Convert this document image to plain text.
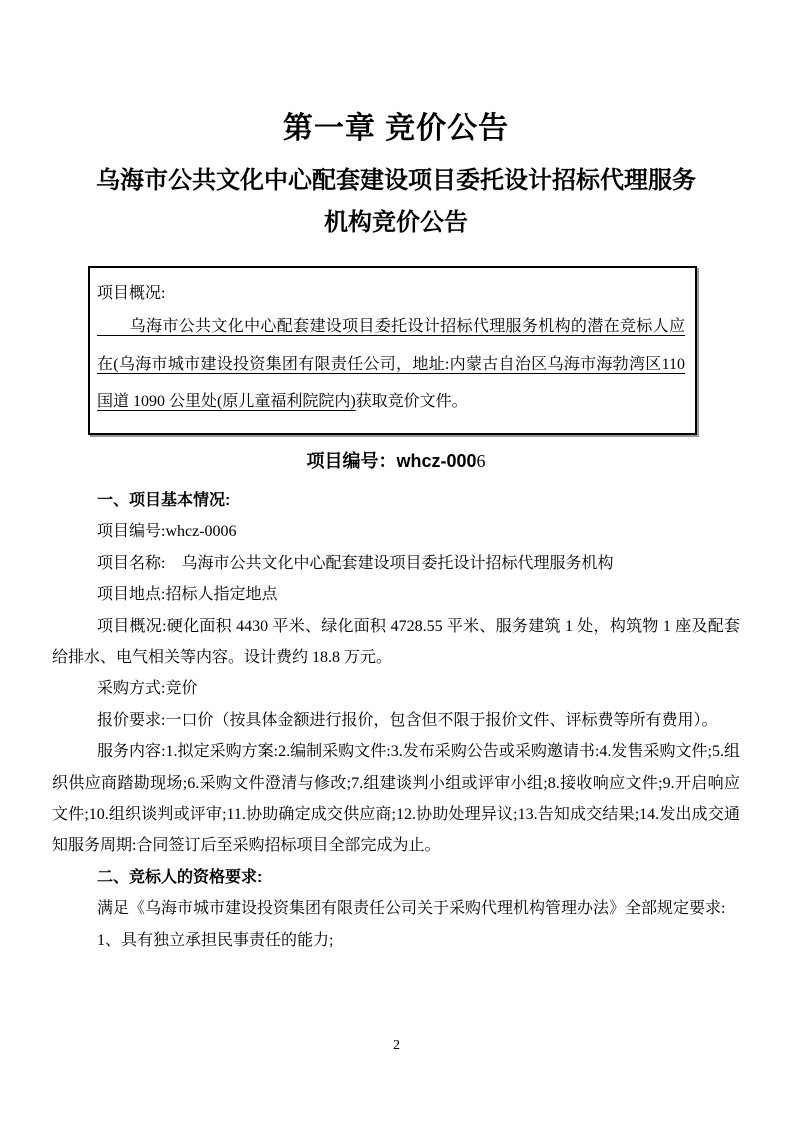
第一章 竞价公告
乌海市公共文化中心配套建设项目委托设计招标代理服务
机构竞价公告
项目概况:
　　乌海市公共文化中心配套建设项目委托设计招标代理服务机构的潜在竞标人应在(乌海市城市建设投资集团有限责任公司，地址:内蒙古自治区乌海市海勃湾区110 国道 1090 公里处(原儿童福利院院内)获取竞价文件。
项目编号：whcz-0006

一、项目基本情况:

项目编号:whcz-0006

项目名称:　乌海市公共文化中心配套建设项目委托设计招标代理服务机构

项目地点:招标人指定地点

项目概况:硬化面积 4430 平米、绿化面积 4728.55 平米、服务建筑 1 处，构筑物 1 座及配套给排水、电气相关等内容。设计费约 18.8 万元。

采购方式:竞价

报价要求:一口价（按具体金额进行报价，包含但不限于报价文件、评标费等所有费用）。

服务内容:1.拟定采购方案:2.编制采购文件:3.发布采购公告或采购邀请书:4.发售采购文件;5.组织供应商踏勘现场;6.采购文件澄清与修改;7.组建谈判小组或评审小组;8.接收响应文件;9.开启响应文件;10.组织谈判或评审;11.协助确定成交供应商;12.协助处理异议;13.告知成交结果;14.发出成交通知服务周期:合同签订后至采购招标项目全部完成为止。

二、竞标人的资格要求:

满足《乌海市城市建设投资集团有限责任公司关于采购代理机构管理办法》全部规定要求:

1、具有独立承担民事责任的能力;

2
